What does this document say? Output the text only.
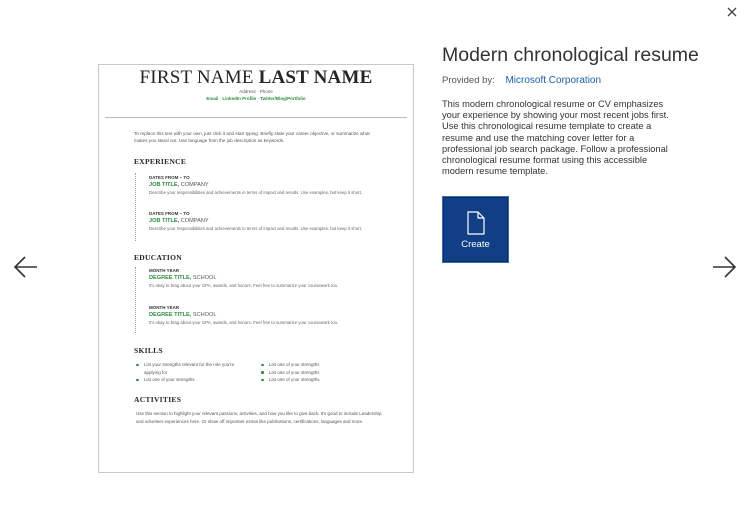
FIRST NAME LAST NAME
Address · Phone
Email · LinkedIn Profile · Twitter/Blog/Portfolio
To replace this text with your own, just click it and start typing. Briefly state your career objective, or summarize what makes you stand out. Use language from the job description as keywords.
EXPERIENCE
DATES FROM – TO
JOB TITLE, COMPANY
Describe your responsibilities and achievements in terms of impact and results. Use examples, but keep it short.
DATES FROM – TO
JOB TITLE, COMPANY
Describe your responsibilities and achievements in terms of impact and results. Use examples, but keep it short.
EDUCATION
MONTH YEAR
DEGREE TITLE, SCHOOL
It's okay to brag about your GPA, awards, and honors. Feel free to summarize your coursework too.
MONTH YEAR
DEGREE TITLE, SCHOOL
It's okay to brag about your GPA, awards, and honors. Feel free to summarize your coursework too.
SKILLS
List your strengths relevant for the role you're applying for
List one of your strengths
List one of your strengths
List one of your strengths
List one of your strengths
ACTIVITIES
Use this section to highlight your relevant passions, activities, and how you like to give back. It's good to include Leadership and volunteer experiences here. Or show off important extras like publications, certifications, languages and more.
Modern chronological resume
Provided by: Microsoft Corporation
This modern chronological resume or CV emphasizes your experience by showing your most recent jobs first. Use this chronological resume template to create a resume and use the matching cover letter for a professional job search package. Follow a professional chronological resume format using this accessible modern resume template.
Create
